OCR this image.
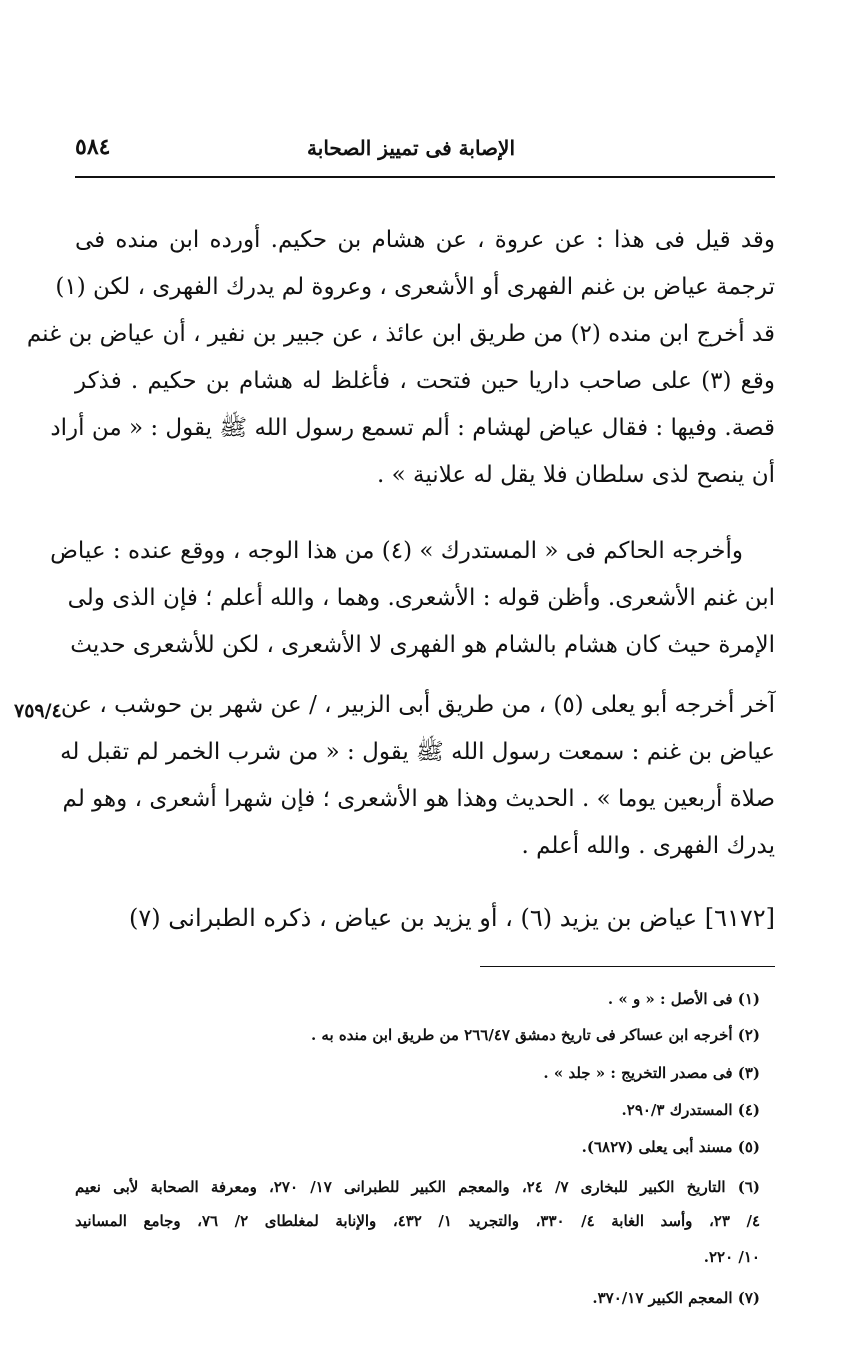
الإصابة فى تمييز الصحابة
٥٨٤
٧٥٩/٤
وقد قيل فى هذا : عن عروة ، عن هشام بن حكيم. أورده ابن منده فى
ترجمة عياض بن غنم الفهرى أو الأشعرى ، وعروة لم يدرك الفهرى ، لكن (١)
قد أخرج ابن منده (٢) من طريق ابن عائذ ، عن جبير بن نفير ، أن عياض بن غنم
وقع (٣) على صاحب داريا حين فتحت ، فأغلظ له هشام بن حكيم . فذكر
قصة. وفيها : فقال عياض لهشام : ألم تسمع رسول الله ﷺ يقول : « من أراد
أن ينصح لذى سلطان فلا يقل له علانية » .
وأخرجه الحاكم فى « المستدرك » (٤) من هذا الوجه ، ووقع عنده : عياض
ابن غنم الأشعرى. وأظن قوله : الأشعرى. وهما ، والله أعلم ؛ فإن الذى ولى
الإمرة حيث كان هشام بالشام هو الفهرى لا الأشعرى ، لكن للأشعرى حديث
آخر أخرجه أبو يعلى (٥) ، من طريق أبى الزبير ، / عن شهر بن حوشب ، عن
عياض بن غنم : سمعت رسول الله ﷺ يقول : « من شرب الخمر لم تقبل له
صلاة أربعين يوما » . الحديث وهذا هو الأشعرى ؛ فإن شهرا أشعرى ، وهو لم
يدرك الفهرى . والله أعلم .
[٦١٧٢] عياض بن يزيد (٦) ، أو يزيد بن عياض ، ذكره الطبرانى (٧)
(١) فى الأصل : « و » .
(٢) أخرجه ابن عساكر فى تاريخ دمشق ٢٦٦/٤٧ من طريق ابن منده به .
(٣) فى مصدر التخريج : « جلد » .
(٤) المستدرك ٢٩٠/٣.
(٥) مسند أبى يعلى (٦٨٢٧).
(٦) التاريخ الكبير للبخارى ٧/ ٢٤، والمعجم الكبير للطبرانى ١٧/ ٢٧٠، ومعرفة الصحابة لأبى نعيم
٤/ ٢٣، وأسد الغابة ٤/ ٣٣٠، والتجريد ١/ ٤٣٢، والإنابة لمغلطاى ٢/ ٧٦، وجامع المسانيد
١٠/ ٢٢٠.
(٧) المعجم الكبير ٣٧٠/١٧.
